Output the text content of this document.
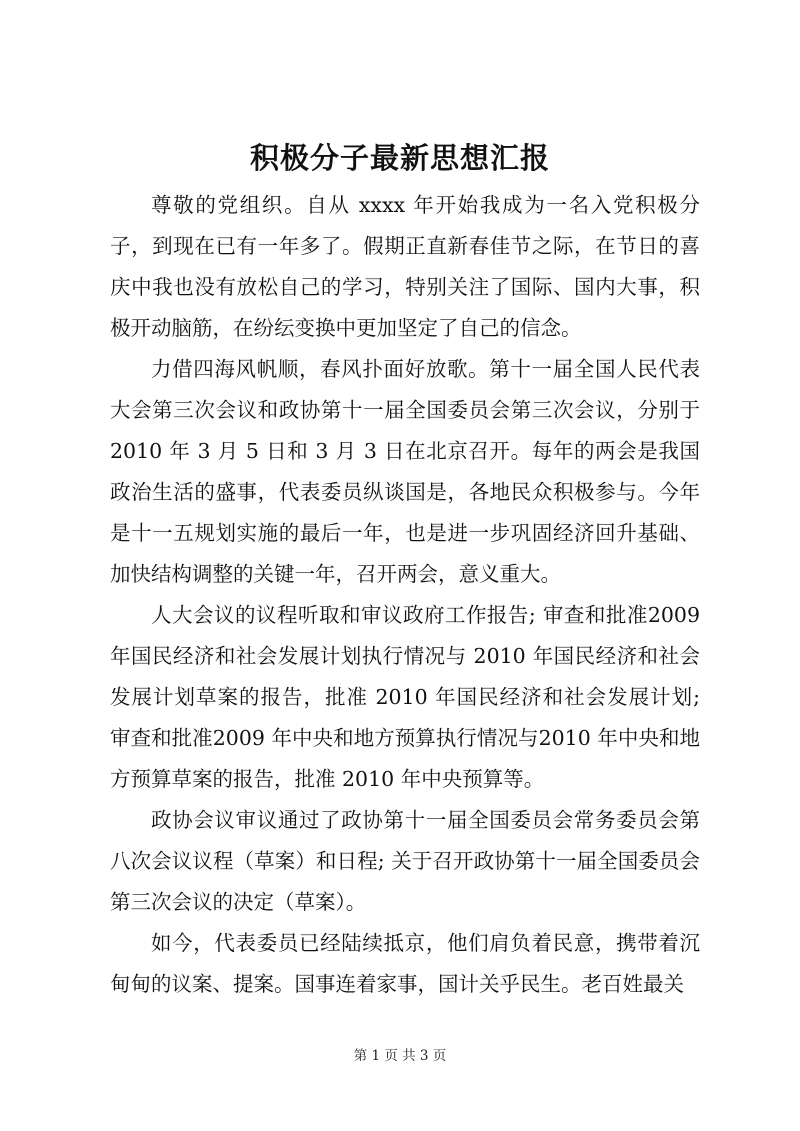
积极分子最新思想汇报

尊敬的党组织。自从 xxxx 年开始我成为一名入党积极分子，到现在已有一年多了。假期正直新春佳节之际，在节日的喜庆中我也没有放松自己的学习，特别关注了国际、国内大事，积极开动脑筋，在纷纭变换中更加坚定了自己的信念。

力借四海风帆顺，春风扑面好放歌。第十一届全国人民代表大会第三次会议和政协第十一届全国委员会第三次会议，分别于 2010 年 3 月 5 日和 3 月 3 日在北京召开。每年的两会是我国政治生活的盛事，代表委员纵谈国是，各地民众积极参与。今年是十一五规划实施的最后一年，也是进一步巩固经济回升基础、加快结构调整的关键一年，召开两会，意义重大。

人大会议的议程听取和审议政府工作报告; 审查和批准2009 年国民经济和社会发展计划执行情况与 2010 年国民经济和社会发展计划草案的报告，批准 2010 年国民经济和社会发展计划; 审查和批准2009 年中央和地方预算执行情况与2010 年中央和地方预算草案的报告，批准 2010 年中央预算等。

政协会议审议通过了政协第十一届全国委员会常务委员会第八次会议议程（草案）和日程; 关于召开政协第十一届全国委员会第三次会议的决定（草案）。

如今，代表委员已经陆续抵京，他们肩负着民意，携带着沉甸甸的议案、提案。国事连着家事，国计关乎民生。老百姓最关

第 1 页 共 3 页
